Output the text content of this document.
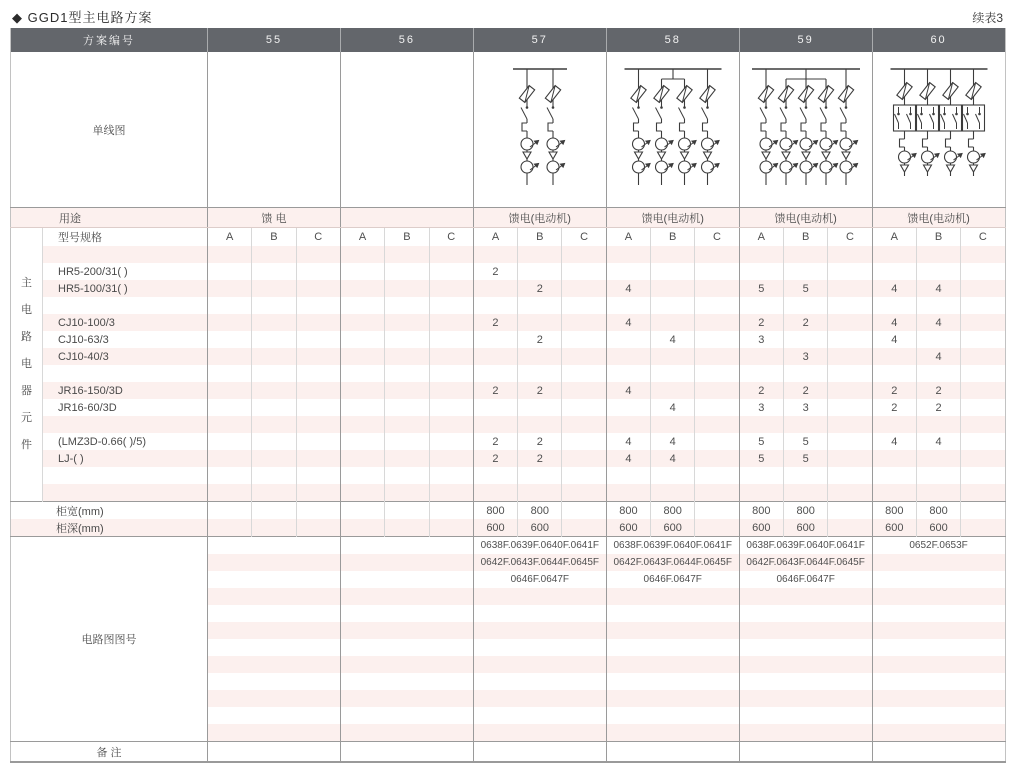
◆ GGD1型主电路方案	续表3
方案编号		55			56			57			58			59			60		
单线图	

用途		馈 电						馈电(电动机)			馈电(电动机)			馈电(电动机)			馈电(电动机)		

主
电
路
电
器
元
件
	型号规格	A	B	C	A	B	C	A	B	C	A	B	C	A	B	C	A	B	C

	HR5-200/31( )							2											
	HR5-100/31( )								2		4			5	5		4	4	

	CJ10-100/3							2			4			2	2		4	4	
	CJ10-63/3								2			4		3			4		
	CJ10-40/3														3			4	

	JR16-150/3D							2	2		4			2	2		2	2	
	JR16-60/3D											4		3	3		2	2	

	(LMZ3D-0.66( )/5)							2	2		4	4		5	5		4	4	
	LJ-( )							2	2		4	4		5	5				

柜宽(mm)								800	800		800	800		800	800		800	800	
柜深(mm)								600	600		600	600		600	600		600	600	
电路图图号								0638F.0639F.0640F.0641F			0638F.0639F.0640F.0641F			0638F.0639F.0640F.0641F			0652F.0653F		
								0642F.0643F.0644F.0645F			0642F.0643F.0644F.0645F			0642F.0643F.0644F.0645F					
								0646F.0647F			0646F.0647F			0646F.0647F					

备 注																			
